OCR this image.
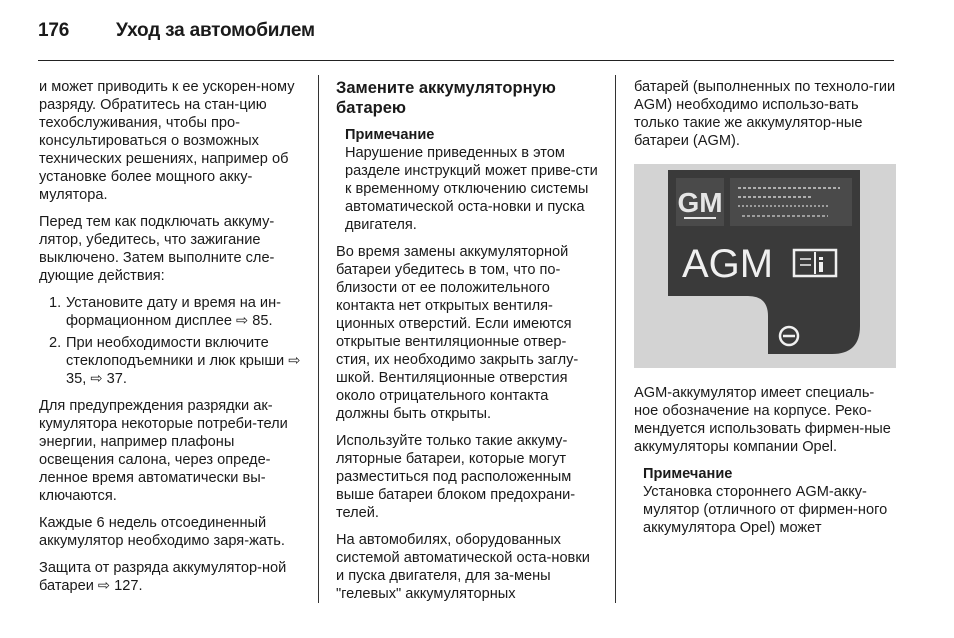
176 Уход за автомобилем

и может приводить к ее ускорен-ному разряду. Обратитесь на стан-цию техобслуживания, чтобы про-консультироваться о возможных технических решениях, например об установке более мощного акку-мулятора.

Перед тем как подключать аккуму-лятор, убедитесь, что зажигание выключено. Затем выполните сле-дующие действия:

1. Установите дату и время на ин-формационном дисплее ⇨ 85.
2. При необходимости включите стеклоподъемники и люк крыши ⇨ 35, ⇨ 37.

Для предупреждения разрядки ак-кумулятора некоторые потреби-тели энергии, например плафоны освещения салона, через опреде-ленное время автоматически вы-ключаются.

Каждые 6 недель отсоединенный аккумулятор необходимо заря-жать.

Защита от разряда аккумулятор-ной батареи ⇨ 127.

Замените аккумуляторную батарею
Примечание
Нарушение приведенных в этом разделе инструкций может приве-сти к временному отключению системы автоматической оста-новки и пуска двигателя.

Во время замены аккумуляторной батареи убедитесь в том, что по-близости от ее положительного контакта нет открытых вентиля-ционных отверстий. Если имеются открытые вентиляционные отвер-стия, их необходимо закрыть заглу-шкой. Вентиляционные отверстия около отрицательного контакта должны быть открыты.

Используйте только такие аккуму-ляторные батареи, которые могут разместиться под расположенным выше батареи блоком предохрани-телей.

На автомобилях, оборудованных системой автоматической оста-новки и пуска двигателя, для за-мены "гелевых" аккумуляторных

батарей (выполненных по техноло-гии AGM) необходимо использо-вать только такие же аккумулятор-ные батареи (AGM).

GM
AGM

AGM-аккумулятор имеет специаль-ное обозначение на корпусе. Реко-мендуется использовать фирмен-ные аккумуляторы компании Opel.

Примечание
Установка стороннего AGM-акку-мулятор (отличного от фирмен-ного аккумулятора Opel) может
